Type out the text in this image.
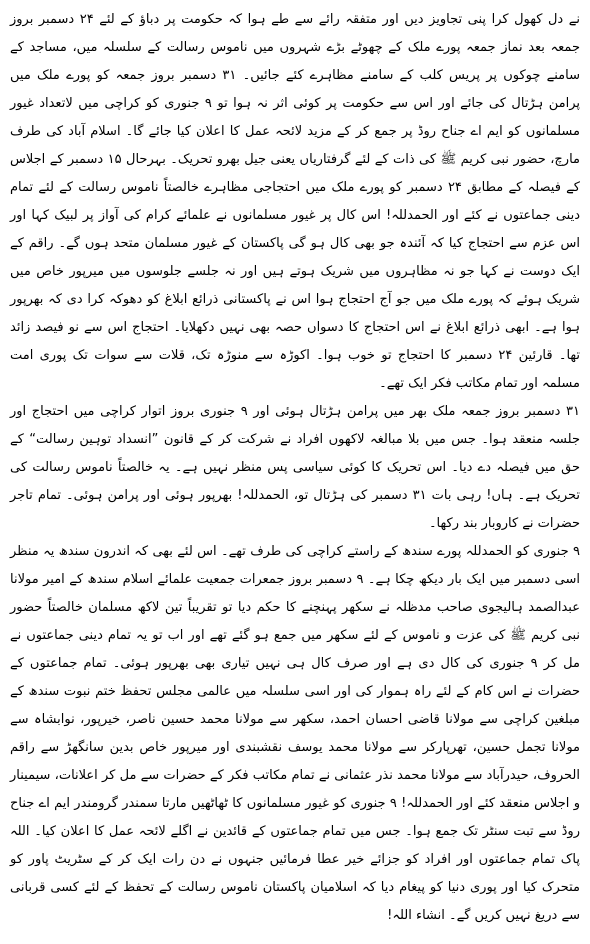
نے دل کھول کرا پنی تجاویز دیں اور متفقہ رائے سے طے ہوا کہ حکومت پر دباؤ کے لئے ۲۴ دسمبر بروز جمعہ بعد نماز جمعہ پورے ملک کے چھوٹے بڑے شہروں میں ناموس رسالت کے سلسلہ میں، مساجد کے سامنے چوکوں پر پریس کلب کے سامنے مظاہرے کئے جائیں۔ ۳۱ دسمبر بروز جمعہ کو پورے ملک میں پرامن ہڑتال کی جائے اور اس سے حکومت پر کوئی اثر نہ ہوا تو ۹ جنوری کو کراچی میں لاتعداد غیور مسلمانوں کو ایم اے جناح روڈ پر جمع کر کے مزید لائحہ عمل کا اعلان کیا جائے گا۔ اسلام آباد کی طرف مارچ، حضور نبی کریم ﷺ کی ذات کے لئے گرفتاریاں یعنی جیل بھرو تحریک۔ بہرحال ۱۵ دسمبر کے اجلاس کے فیصلہ کے مطابق ۲۴ دسمبر کو پورے ملک میں احتجاجی مظاہرے خالصتاً ناموس رسالت کے لئے تمام دینی جماعتوں نے کئے اور الحمدللہ! اس کال پر غیور مسلمانوں نے علمائے کرام کی آواز پر لبیک کہا اور اس عزم سے احتجاج کیا کہ آئندہ جو بھی کال ہو گی پاکستان کے غیور مسلمان متحد ہوں گے۔ راقم کے ایک دوست نے کہا جو نہ مظاہروں میں شریک ہوتے ہیں اور نہ جلسے جلوسوں میں میرپور خاص میں شریک ہوئے کہ پورے ملک میں جو آج احتجاج ہوا اس نے پاکستانی ذرائع ابلاغ کو دھوکہ کرا دی کہ بھرپور ہوا ہے۔ ابھی ذرائع ابلاغ نے اس احتجاج کا دسواں حصہ بھی نہیں دکھلایا۔ احتجاج اس سے نو فیصد زائد تھا۔ قارئین ۲۴ دسمبر کا احتجاج تو خوب ہوا۔ اکوڑہ سے منوڑہ تک، قلات سے سوات تک پوری امت مسلمہ اور تمام مکاتب فکر ایک تھے۔

۳۱ دسمبر بروز جمعہ ملک بھر میں پرامن ہڑتال ہوئی اور ۹ جنوری بروز اتوار کراچی میں احتجاج اور جلسہ منعقد ہوا۔ جس میں بلا مبالغہ لاکھوں افراد نے شرکت کر کے قانون ”انسداد توہین رسالت“ کے حق میں فیصلہ دے دیا۔ اس تحریک کا کوئی سیاسی پس منظر نہیں ہے۔ یہ خالصتاً ناموس رسالت کی تحریک ہے۔ ہاں! رہی بات ۳۱ دسمبر کی ہڑتال تو، الحمدللہ! بھرپور ہوئی اور پرامن ہوئی۔ تمام تاجر حضرات نے کاروبار بند رکھا۔

۹ جنوری کو الحمدللہ پورے سندھ کے راستے کراچی کی طرف تھے۔ اس لئے بھی کہ اندرون سندھ یہ منظر اسی دسمبر میں ایک بار دیکھ چکا ہے۔ ۹ دسمبر بروز جمعرات جمعیت علمائے اسلام سندھ کے امیر مولانا عبدالصمد ہالیجوی صاحب مدظلہ نے سکھر پہنچنے کا حکم دیا تو تقریباً تین لاکھ مسلمان خالصتاً حضور نبی کریم ﷺ کی عزت و ناموس کے لئے سکھر میں جمع ہو گئے تھے اور اب تو یہ تمام دینی جماعتوں نے مل کر ۹ جنوری کی کال دی ہے اور صرف کال ہی نہیں تیاری بھی بھرپور ہوئی۔ تمام جماعتوں کے حضرات نے اس کام کے لئے راہ ہموار کی اور اسی سلسلہ میں عالمی مجلس تحفظ ختم نبوت سندھ کے مبلغین کراچی سے مولانا قاضی احسان احمد، سکھر سے مولانا محمد حسین ناصر، خیرپور، نوابشاہ سے مولانا تجمل حسین، تھرپارکر سے مولانا محمد یوسف نقشبندی اور میرپور خاص بدین سانگھڑ سے راقم الحروف، حیدرآباد سے مولانا محمد نذر عثمانی نے تمام مکاتب فکر کے حضرات سے مل کر اعلانات، سیمینار و اجلاس منعقد کئے اور الحمدللہ! ۹ جنوری کو غیور مسلمانوں کا ٹھاٹھیں مارتا سمندر گرومندر ایم اے جناح روڈ سے تبت سنٹر تک جمع ہوا۔ جس میں تمام جماعتوں کے قائدین نے اگلے لائحہ عمل کا اعلان کیا۔ اللہ پاک تمام جماعتوں اور افراد کو جزائے خیر عطا فرمائیں جنہوں نے دن رات ایک کر کے سٹریٹ پاور کو متحرک کیا اور پوری دنیا کو پیغام دیا کہ اسلامیان پاکستان ناموس رسالت کے تحفظ کے لئے کسی قربانی سے دریغ نہیں کریں گے۔ انشاء اللہ!
